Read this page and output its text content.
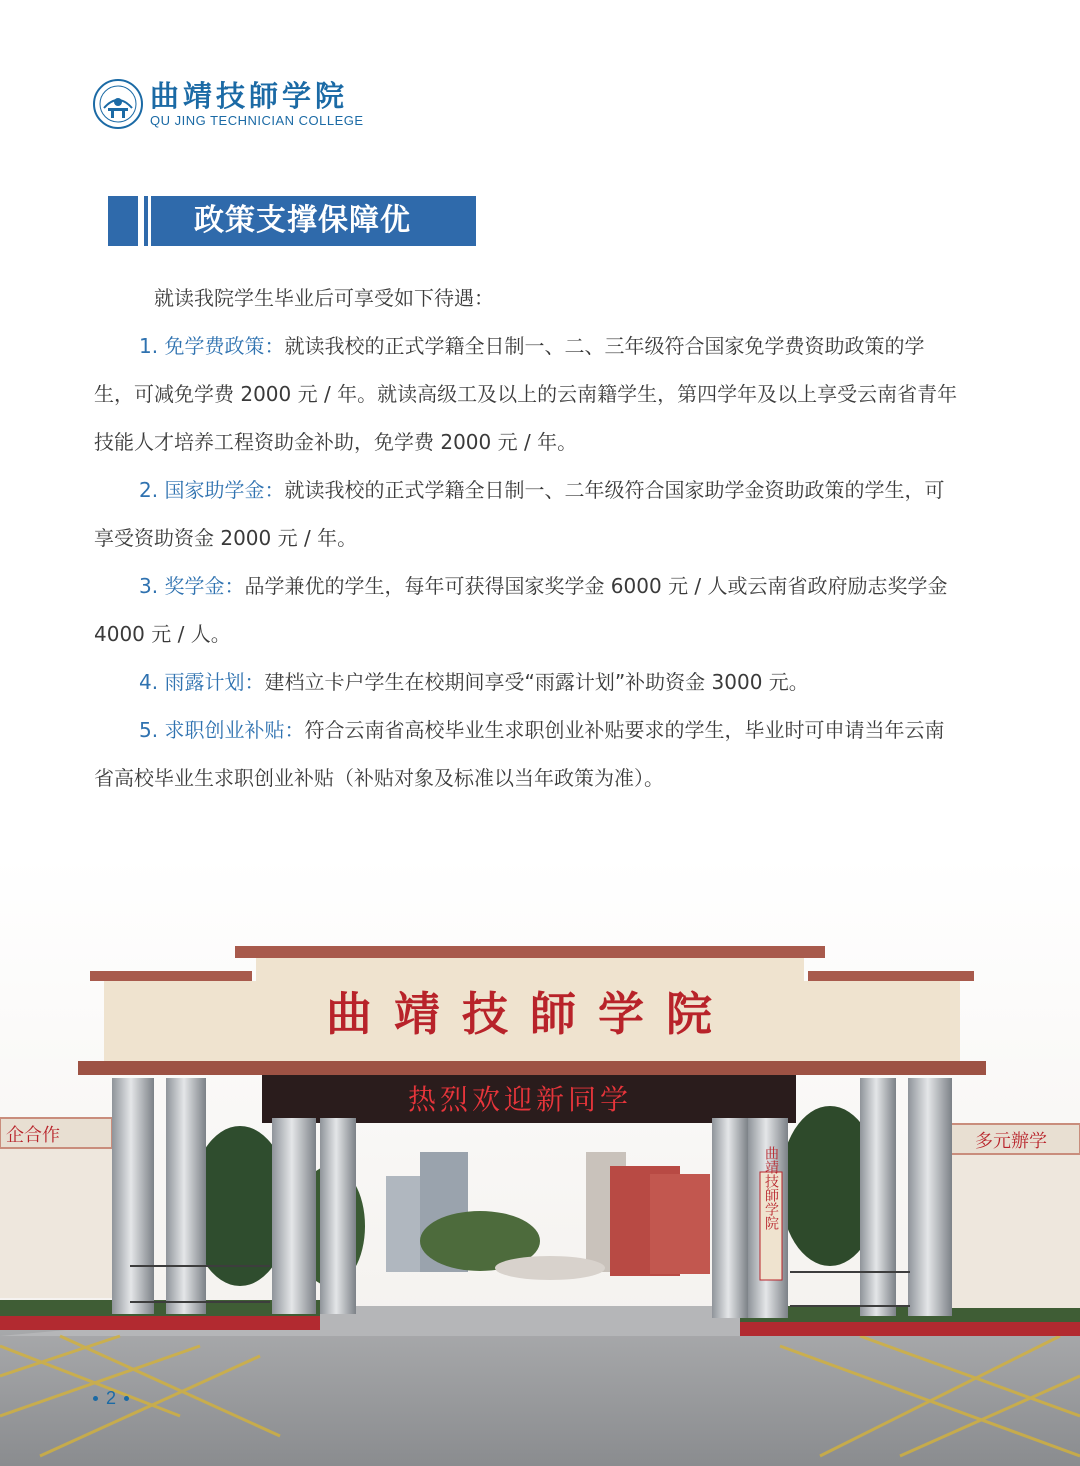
曲靖技師学院
QU JING TECHNICIAN COLLEGE
政策支撑保障优

就读我院学生毕业后可享受如下待遇：

1. 免学费政策：就读我校的正式学籍全日制一、二、三年级符合国家免学费资助政策的学生，可减免学费 2000 元 / 年。就读高级工及以上的云南籍学生，第四学年及以上享受云南省青年技能人才培养工程资助金补助，免学费 2000 元 / 年。

2. 国家助学金：就读我校的正式学籍全日制一、二年级符合国家助学金资助政策的学生，可享受资助资金 2000 元 / 年。

3. 奖学金：品学兼优的学生，每年可获得国家奖学金 6000 元 / 人或云南省政府励志奖学金 4000 元 / 人。

4. 雨露计划：建档立卡户学生在校期间享受“雨露计划”补助资金 3000 元。

5. 求职创业补贴：符合云南省高校毕业生求职创业补贴要求的学生，毕业时可申请当年云南省高校毕业生求职创业补贴（补贴对象及标准以当年政策为准）。

企合作	多元辦学
曲靖技師学院
热烈欢迎新同学
曲靖技師学院
2
